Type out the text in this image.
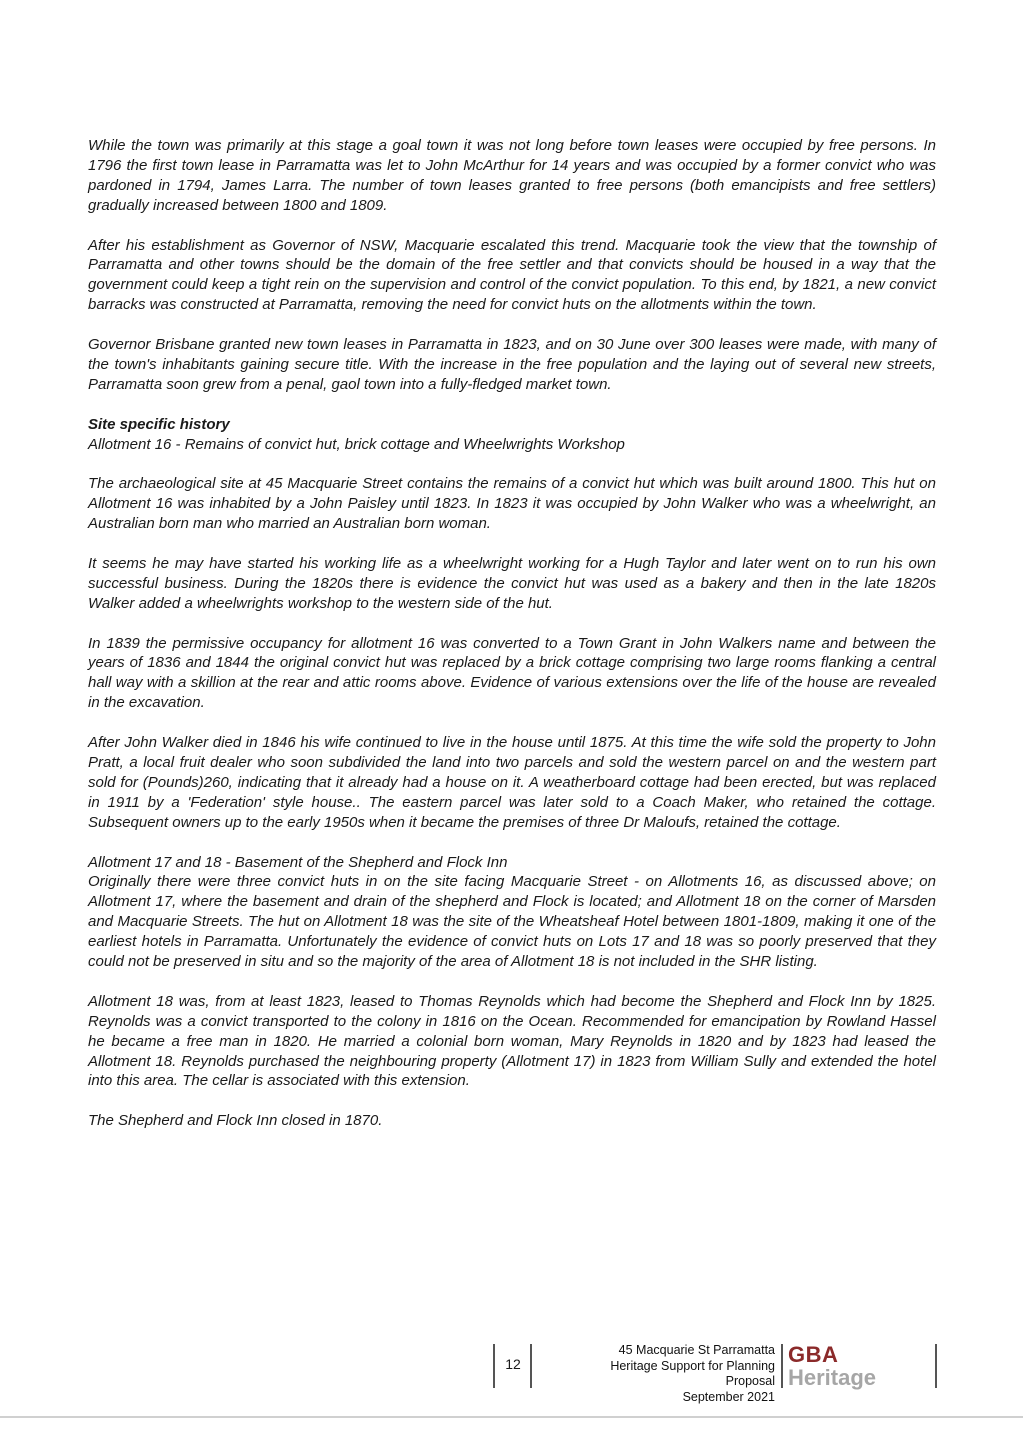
While the town was primarily at this stage a goal town it was not long before town leases were occupied by free persons. In 1796 the first town lease in Parramatta was let to John McArthur for 14 years and was occupied by a former convict who was pardoned in 1794, James Larra. The number of town leases granted to free persons (both emancipists and free settlers) gradually increased between 1800 and 1809.

After his establishment as Governor of NSW, Macquarie escalated this trend. Macquarie took the view that the township of Parramatta and other towns should be the domain of the free settler and that convicts should be housed in a way that the government could keep a tight rein on the supervision and control of the convict population. To this end, by 1821, a new convict barracks was constructed at Parramatta, removing the need for convict huts on the allotments within the town.

Governor Brisbane granted new town leases in Parramatta in 1823, and on 30 June over 300 leases were made, with many of the town's inhabitants gaining secure title. With the increase in the free population and the laying out of several new streets, Parramatta soon grew from a penal, gaol town into a fully-fledged market town.

Site specific history

Allotment 16 - Remains of convict hut, brick cottage and Wheelwrights Workshop

The archaeological site at 45 Macquarie Street contains the remains of a convict hut which was built around 1800. This hut on Allotment 16 was inhabited by a John Paisley until 1823. In 1823 it was occupied by John Walker who was a wheelwright, an Australian born man who married an Australian born woman.

It seems he may have started his working life as a wheelwright working for a Hugh Taylor and later went on to run his own successful business. During the 1820s there is evidence the convict hut was used as a bakery and then in the late 1820s Walker added a wheelwrights workshop to the western side of the hut.

In 1839 the permissive occupancy for allotment 16 was converted to a Town Grant in John Walkers name and between the years of 1836 and 1844 the original convict hut was replaced by a brick cottage comprising two large rooms flanking a central hall way with a skillion at the rear and attic rooms above. Evidence of various extensions over the life of the house are revealed in the excavation.

After John Walker died in 1846 his wife continued to live in the house until 1875. At this time the wife sold the property to John Pratt, a local fruit dealer who soon subdivided the land into two parcels and sold the western parcel on and the western part sold for (Pounds)260, indicating that it already had a house on it. A weatherboard cottage had been erected, but was replaced in 1911 by a 'Federation' style house.. The eastern parcel was later sold to a Coach Maker, who retained the cottage. Subsequent owners up to the early 1950s when it became the premises of three Dr Maloufs, retained the cottage.

Allotment 17 and 18 - Basement of the Shepherd and Flock Inn

Originally there were three convict huts in on the site facing Macquarie Street - on Allotments 16, as discussed above; on Allotment 17, where the basement and drain of the shepherd and Flock is located; and Allotment 18 on the corner of Marsden and Macquarie Streets. The hut on Allotment 18 was the site of the Wheatsheaf Hotel between 1801-1809, making it one of the earliest hotels in Parramatta. Unfortunately the evidence of convict huts on Lots 17 and 18 was so poorly preserved that they could not be preserved in situ and so the majority of the area of Allotment 18 is not included in the SHR listing.

Allotment 18 was, from at least 1823, leased to Thomas Reynolds which had become the Shepherd and Flock Inn by 1825. Reynolds was a convict transported to the colony in 1816 on the Ocean. Recommended for emancipation by Rowland Hassel he became a free man in 1820. He married a colonial born woman, Mary Reynolds in 1820 and by 1823 had leased the Allotment 18. Reynolds purchased the neighbouring property (Allotment 17) in 1823 from William Sully and extended the hotel into this area. The cellar is associated with this extension.

The Shepherd and Flock Inn closed in 1870.

12
45 Macquarie St Parramatta
Heritage Support for Planning
Proposal
September 2021
GBA
Heritage
